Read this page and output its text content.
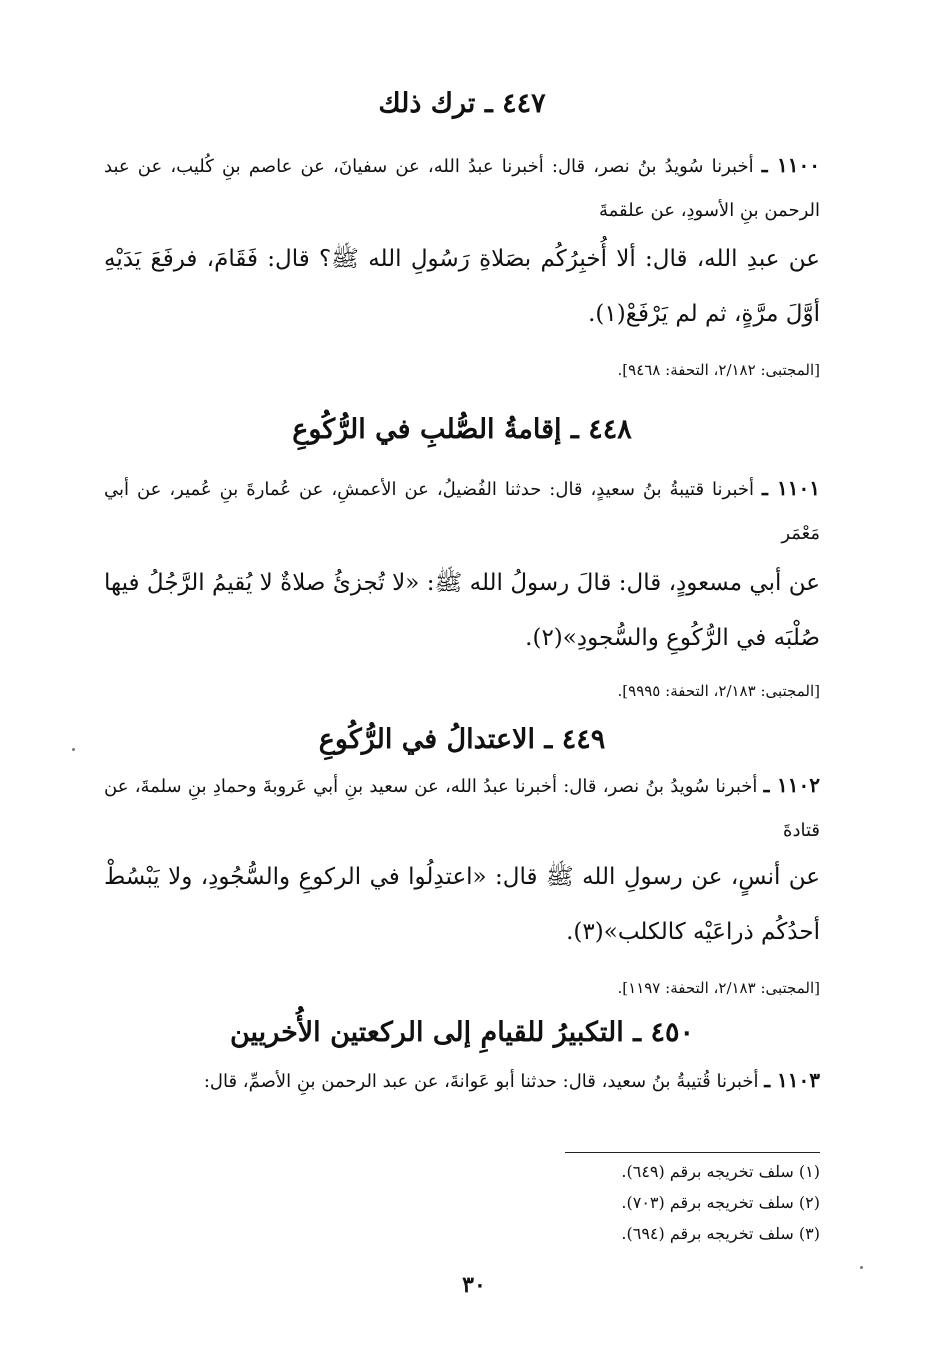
٤٤٧ ـ ترك ذلك
١١٠٠ ـ أخبرنا سُويدُ بنُ نصر، قال: أخبرنا عبدُ الله، عن سفيانَ، عن عاصم بنِ كُليب، عن عبد الرحمن بنِ الأسودِ، عن علقمةَ
عن عبدِ الله، قال: ألا أُخبِرُكُم بصَلاةِ رَسُولِ الله ﷺ؟ قال: فَقَامَ، فرفَعَ يَدَيْهِ أوَّلَ مرَّةٍ، ثم لم يَرْفَعْ(١).
[المجتبى: ٢/١٨٢، التحفة: ٩٤٦٨].
٤٤٨ ـ إقامةُ الصُّلبِ في الرُّكُوعِ
١١٠١ ـ أخبرنا قتيبةُ بنُ سعيدٍ، قال: حدثنا الفُضيلُ، عن الأعمشِ، عن عُمارةَ بنِ عُمير، عن أبي مَعْمَر
عن أبي مسعودٍ، قال: قالَ رسولُ الله ﷺ: «لا تُجزئُ صلاةٌ لا يُقيمُ الرَّجُلُ فيها صُلْبَه في الرُّكُوعِ والسُّجودِ»(٢).
[المجتبى: ٢/١٨٣، التحفة: ٩٩٩٥].
٤٤٩ ـ الاعتدالُ في الرُّكُوعِ
١١٠٢ ـ أخبرنا سُويدُ بنُ نصر، قال: أخبرنا عبدُ الله، عن سعيد بنِ أبي عَروبةَ وحمادِ بنِ سلمةَ، عن قتادةَ
عن أنسٍ، عن رسولِ الله ﷺ قال: «اعتدِلُوا في الركوعِ والسُّجُودِ، ولا يَبْسُطْ أحدُكُم ذراعَيْه كالكلب»(٣).
[المجتبى: ٢/١٨٣، التحفة: ١١٩٧].
٤٥٠ ـ التكبيرُ للقيامِ إلى الركعتين الأُخريين
١١٠٣ ـ أخبرنا قُتيبةُ بنُ سعيد، قال: حدثنا أبو عَوانةَ، عن عبد الرحمن بنِ الأصمِّ، قال:
(١) سلف تخريجه برقم (٦٤٩).
(٢) سلف تخريجه برقم (٧٠٣).
(٣) سلف تخريجه برقم (٦٩٤).
٣٠
